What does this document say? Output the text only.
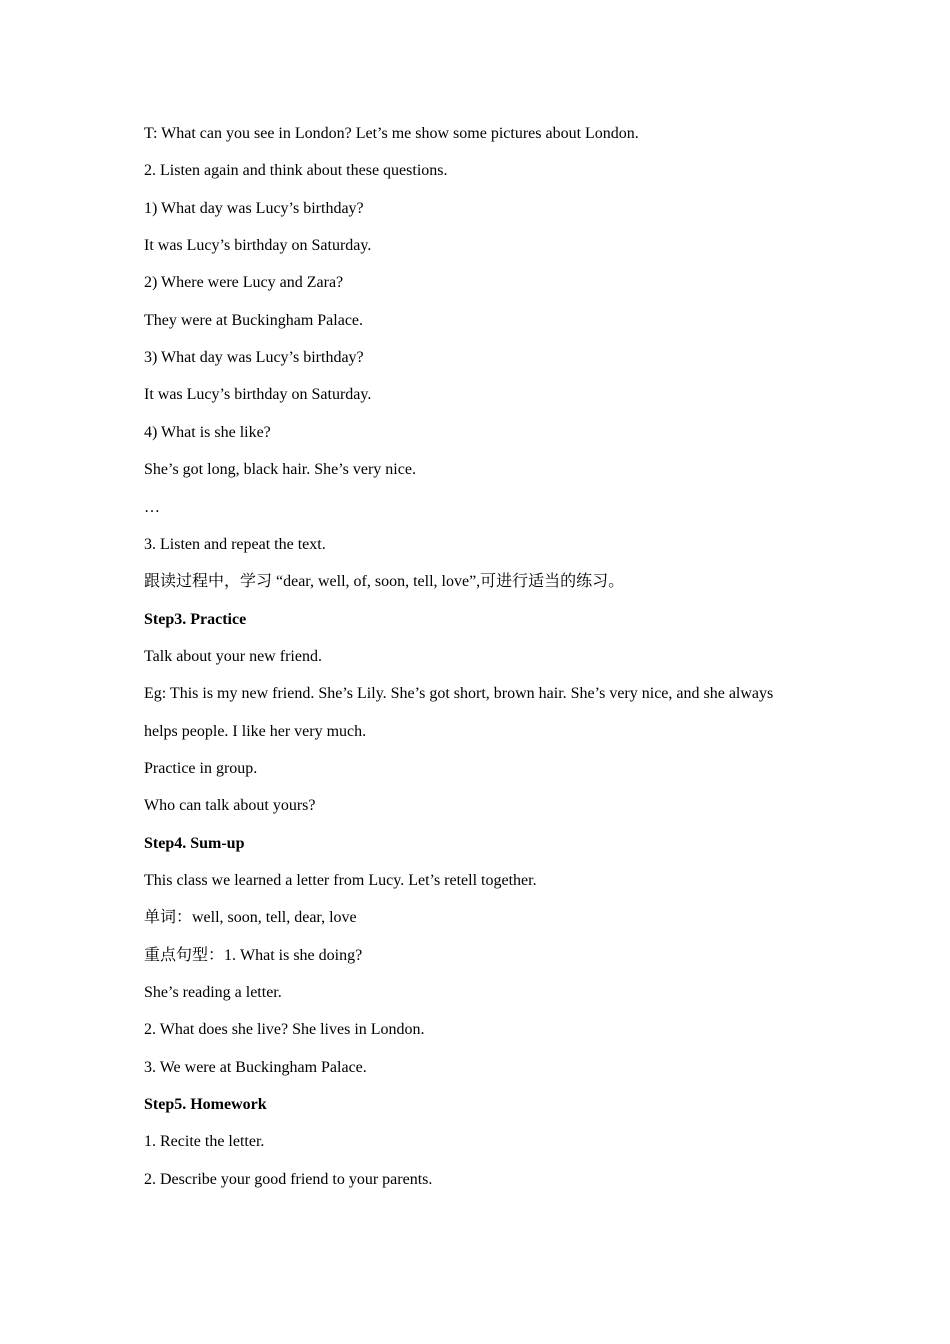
T: What can you see in London? Let’s me show some pictures about London.
2. Listen again and think about these questions.
1) What day was Lucy’s birthday?
It was Lucy’s birthday on Saturday.
2) Where were Lucy and Zara?
They were at Buckingham Palace.
3) What day was Lucy’s birthday?
It was Lucy’s birthday on Saturday.
4) What is she like?
She’s got long, black hair. She’s very nice.
…
3. Listen and repeat the text.
跟读过程中，学习 “dear, well, of, soon, tell, love”,可进行适当的练习。
Step3. Practice
Talk about your new friend.
Eg: This is my new friend. She’s Lily. She’s got short, brown hair. She’s very nice, and she always
helps people. I like her very much.
Practice in group.
Who can talk about yours?
Step4. Sum-up
This class we learned a letter from Lucy. Let’s retell together.
单词：well, soon, tell, dear, love
重点句型：1. What is she doing?
She’s reading a letter.
2. What does she live? She lives in London.
3. We were at Buckingham Palace.
Step5. Homework
1. Recite the letter.
2. Describe your good friend to your parents.
